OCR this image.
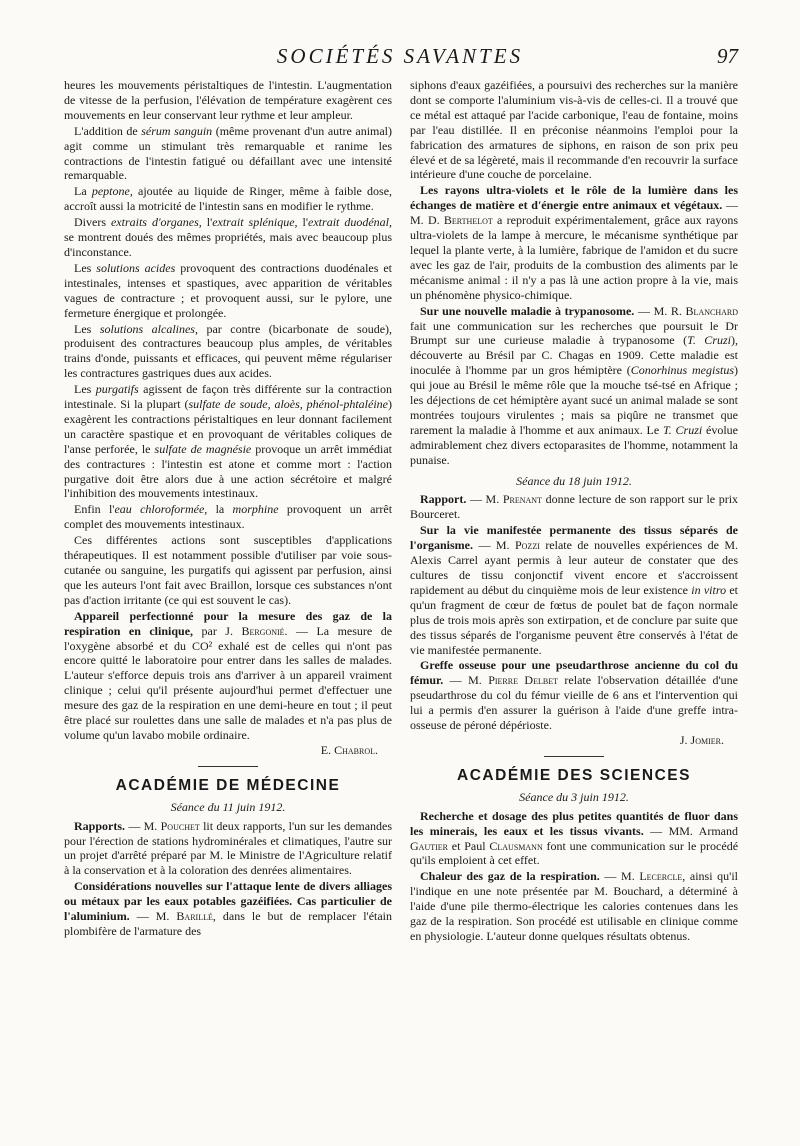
SOCIÉTÉS SAVANTES	97

heures les mouvements péristaltiques de l'intestin. L'augmentation de vitesse de la perfusion, l'élévation de température exagèrent ces mouvements en leur conservant leur rythme et leur ampleur.

L'addition de sérum sanguin (même provenant d'un autre animal) agit comme un stimulant très remarquable et ranime les contractions de l'intestin fatigué ou défaillant avec une intensité remarquable.

La peptone, ajoutée au liquide de Ringer, même à faible dose, accroît aussi la motricité de l'intestin sans en modifier le rythme.

Divers extraits d'organes, l'extrait splénique, l'extrait duodénal, se montrent doués des mêmes propriétés, mais avec beaucoup plus d'inconstance.

Les solutions acides provoquent des contractions duodénales et intestinales, intenses et spastiques, avec apparition de véritables vagues de contracture ; et provoquent aussi, sur le pylore, une fermeture énergique et prolongée.

Les solutions alcalines, par contre (bicarbonate de soude), produisent des contractures beaucoup plus amples, de véritables trains d'onde, puissants et efficaces, qui peuvent même régulariser les contractures gastriques dues aux acides.

Les purgatifs agissent de façon très différente sur la contraction intestinale. Si la plupart (sulfate de soude, aloès, phénol-phtaléine) exagèrent les contractions péristaltiques en leur donnant facilement un caractère spastique et en provoquant de véritables coliques de l'anse perforée, le sulfate de magnésie provoque un arrêt immédiat des contractures : l'intestin est atone et comme mort : l'action purgative doit être alors due à une action sécrétoire et malgré l'inhibition des mouvements intestinaux.

Enfin l'eau chloroformée, la morphine provoquent un arrêt complet des mouvements intestinaux.

Ces différentes actions sont susceptibles d'applications thérapeutiques. Il est notamment possible d'utiliser par voie sous-cutanée ou sanguine, les purgatifs qui agissent par perfusion, ainsi que les auteurs l'ont fait avec Braillon, lorsque ces substances n'ont pas d'action irritante (ce qui est souvent le cas).

Appareil perfectionné pour la mesure des gaz de la respiration en clinique, par J. Bergonié. — La mesure de l'oxygène absorbé et du CO² exhalé est de celles qui n'ont pas encore quitté le laboratoire pour entrer dans les salles de malades. L'auteur s'efforce depuis trois ans d'arriver à un appareil vraiment clinique ; celui qu'il présente aujourd'hui permet d'effectuer une mesure des gaz de la respiration en une demi-heure en tout ; il peut être placé sur roulettes dans une salle de malades et n'a pas plus de volume qu'un lavabo mobile ordinaire.

E. Chabrol.
ACADÉMIE DE MÉDECINE
Séance du 11 juin 1912.

Rapports. — M. Pouchet lit deux rapports, l'un sur les demandes pour l'érection de stations hydrominérales et climatiques, l'autre sur un projet d'arrêté préparé par M. le Ministre de l'Agriculture relatif à la conservation et à la coloration des denrées alimentaires.

Considérations nouvelles sur l'attaque lente de divers alliages ou métaux par les eaux potables gazéifiées. Cas particulier de l'aluminium. — M. Barillé, dans le but de remplacer l'étain plombifère de l'armature des

siphons d'eaux gazéifiées, a poursuivi des recherches sur la manière dont se comporte l'aluminium vis-à-vis de celles-ci. Il a trouvé que ce métal est attaqué par l'acide carbonique, l'eau de fontaine, moins par l'eau distillée. Il en préconise néanmoins l'emploi pour la fabrication des armatures de siphons, en raison de son prix peu élevé et de sa légèreté, mais il recommande d'en recouvrir la surface intérieure d'une couche de porcelaine.

Les rayons ultra-violets et le rôle de la lumière dans les échanges de matière et d'énergie entre animaux et végétaux. — M. D. Berthelot a reproduit expérimentalement, grâce aux rayons ultra-violets de la lampe à mercure, le mécanisme synthétique par lequel la plante verte, à la lumière, fabrique de l'amidon et du sucre avec les gaz de l'air, produits de la combustion des aliments par le mécanisme animal : il n'y a pas là une action propre à la vie, mais un phénomène physico-chimique.

Sur une nouvelle maladie à trypanosome. — M. R. Blanchard fait une communication sur les recherches que poursuit le Dr Brumpt sur une curieuse maladie à trypanosome (T. Cruzi), découverte au Brésil par C. Chagas en 1909. Cette maladie est inoculée à l'homme par un gros hémiptère (Conorhinus megistus) qui joue au Brésil le même rôle que la mouche tsé-tsé en Afrique ; les déjections de cet hémiptère ayant sucé un animal malade se sont montrées toujours virulentes ; mais sa piqûre ne transmet que rarement la maladie à l'homme et aux animaux. Le T. Cruzi évolue admirablement chez divers ectoparasites de l'homme, notamment la punaise.

Séance du 18 juin 1912.

Rapport. — M. Prenant donne lecture de son rapport sur le prix Bourceret.

Sur la vie manifestée permanente des tissus séparés de l'organisme. — M. Pozzi relate de nouvelles expériences de M. Alexis Carrel ayant permis à leur auteur de constater que des cultures de tissu conjonctif vivent encore et s'accroissent rapidement au début du cinquième mois de leur existence in vitro et qu'un fragment de cœur de fœtus de poulet bat de façon normale plus de trois mois après son extirpation, et de conclure par suite que des tissus séparés de l'organisme peuvent être conservés à l'état de vie manifestée permanente.

Greffe osseuse pour une pseudarthrose ancienne du col du fémur. — M. Pierre Delbet relate l'observation détaillée d'une pseudarthrose du col du fémur vieille de 6 ans et l'intervention qui lui a permis d'en assurer la guérison à l'aide d'une greffe intra-osseuse de péroné dépérioste.

J. Jomier.
ACADÉMIE DES SCIENCES
Séance du 3 juin 1912.

Recherche et dosage des plus petites quantités de fluor dans les minerais, les eaux et les tissus vivants. — MM. Armand Gautier et Paul Clausmann font une communication sur le procédé qu'ils emploient à cet effet.

Chaleur des gaz de la respiration. — M. Lecercle, ainsi qu'il l'indique en une note présentée par M. Bouchard, a déterminé à l'aide d'une pile thermo-électrique les calories contenues dans les gaz de la respiration. Son procédé est utilisable en clinique comme en physiologie. L'auteur donne quelques résultats obtenus.
